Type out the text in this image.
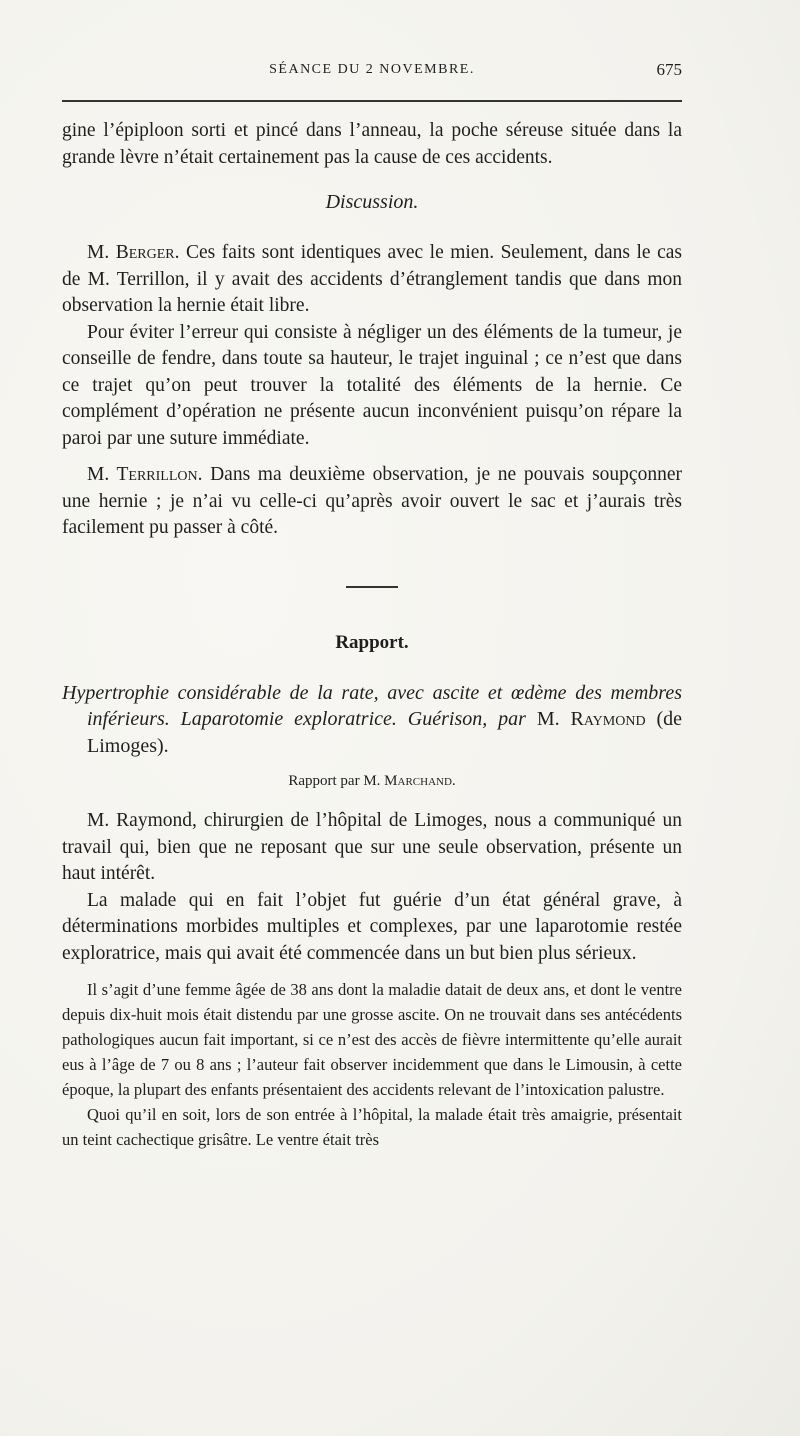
SÉANCE DU 2 NOVEMBRE.	675

gine l’épiploon sorti et pincé dans l’anneau, la poche séreuse située dans la grande lèvre n’était certainement pas la cause de ces accidents.

Discussion.

M. Berger. Ces faits sont identiques avec le mien. Seulement, dans le cas de M. Terrillon, il y avait des accidents d’étranglement tandis que dans mon observation la hernie était libre.

Pour éviter l’erreur qui consiste à négliger un des éléments de la tumeur, je conseille de fendre, dans toute sa hauteur, le trajet inguinal ; ce n’est que dans ce trajet qu’on peut trouver la totalité des éléments de la hernie. Ce complément d’opération ne présente aucun inconvénient puisqu’on répare la paroi par une suture immédiate.

M. Terrillon. Dans ma deuxième observation, je ne pouvais soupçonner une hernie ; je n’ai vu celle-ci qu’après avoir ouvert le sac et j’aurais très facilement pu passer à côté.

Rapport.

Hypertrophie considérable de la rate, avec ascite et œdème des membres inférieurs. Laparotomie exploratrice. Guérison, par M. Raymond (de Limoges).

Rapport par M. Marchand.

M. Raymond, chirurgien de l’hôpital de Limoges, nous a communiqué un travail qui, bien que ne reposant que sur une seule observation, présente un haut intérêt.

La malade qui en fait l’objet fut guérie d’un état général grave, à déterminations morbides multiples et complexes, par une laparotomie restée exploratrice, mais qui avait été commencée dans un but bien plus sérieux.

Il s’agit d’une femme âgée de 38 ans dont la maladie datait de deux ans, et dont le ventre depuis dix-huit mois était distendu par une grosse ascite. On ne trouvait dans ses antécédents pathologiques aucun fait important, si ce n’est des accès de fièvre intermittente qu’elle aurait eus à l’âge de 7 ou 8 ans ; l’auteur fait observer incidemment que dans le Limousin, à cette époque, la plupart des enfants présentaient des accidents relevant de l’intoxication palustre.

Quoi qu’il en soit, lors de son entrée à l’hôpital, la malade était très amaigrie, présentait un teint cachectique grisâtre. Le ventre était très
